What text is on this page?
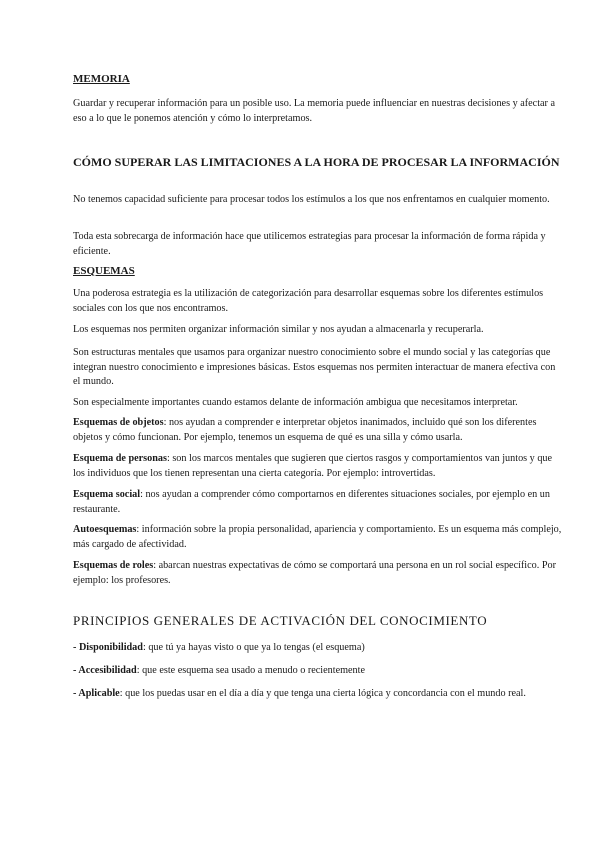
MEMORIA

Guardar y recuperar información para un posible uso. La memoria puede influenciar en nuestras decisiones y afectar a eso a lo que le ponemos atención y cómo lo interpretamos.

CÓMO SUPERAR LAS LIMITACIONES A LA HORA DE PROCESAR LA INFORMACIÓN

No tenemos capacidad suficiente para procesar todos los estímulos a los que nos enfrentamos en cualquier momento.

Toda esta sobrecarga de información hace que utilicemos estrategias para procesar la información de forma rápida y eficiente.

ESQUEMAS

Una poderosa estrategia es la utilización de categorización para desarrollar esquemas sobre los diferentes estímulos sociales con los que nos encontramos.

Los esquemas nos permiten organizar información similar y nos ayudan a almacenarla y recuperarla.

Son estructuras mentales que usamos para organizar nuestro conocimiento sobre el mundo social y las categorías que integran nuestro conocimiento e impresiones básicas. Estos esquemas nos permiten interactuar de manera efectiva con el mundo.

Son especialmente importantes cuando estamos delante de información ambigua que necesitamos interpretar.

Esquemas de objetos: nos ayudan a comprender e interpretar objetos inanimados, incluido qué son los diferentes objetos y cómo funcionan. Por ejemplo, tenemos un esquema de qué es una silla y cómo usarla.

Esquema de personas: son los marcos mentales que sugieren que ciertos rasgos y comportamientos van juntos y que los individuos que los tienen representan una cierta categoría. Por ejemplo: introvertidas.

Esquema social: nos ayudan a comprender cómo comportarnos en diferentes situaciones sociales, por ejemplo en un restaurante.

Autoesquemas: información sobre la propia personalidad, apariencia y comportamiento. Es un esquema más complejo, más cargado de afectividad.

Esquemas de roles: abarcan nuestras expectativas de cómo se comportará una persona en un rol social específico. Por ejemplo: los profesores.

PRINCIPIOS GENERALES DE ACTIVACIÓN DEL CONOCIMIENTO

- Disponibilidad: que tú ya hayas visto o que ya lo tengas (el esquema)

- Accesibilidad: que este esquema sea usado a menudo o recientemente

- Aplicable: que los puedas usar en el día a día y que tenga una cierta lógica y concordancia con el mundo real.
